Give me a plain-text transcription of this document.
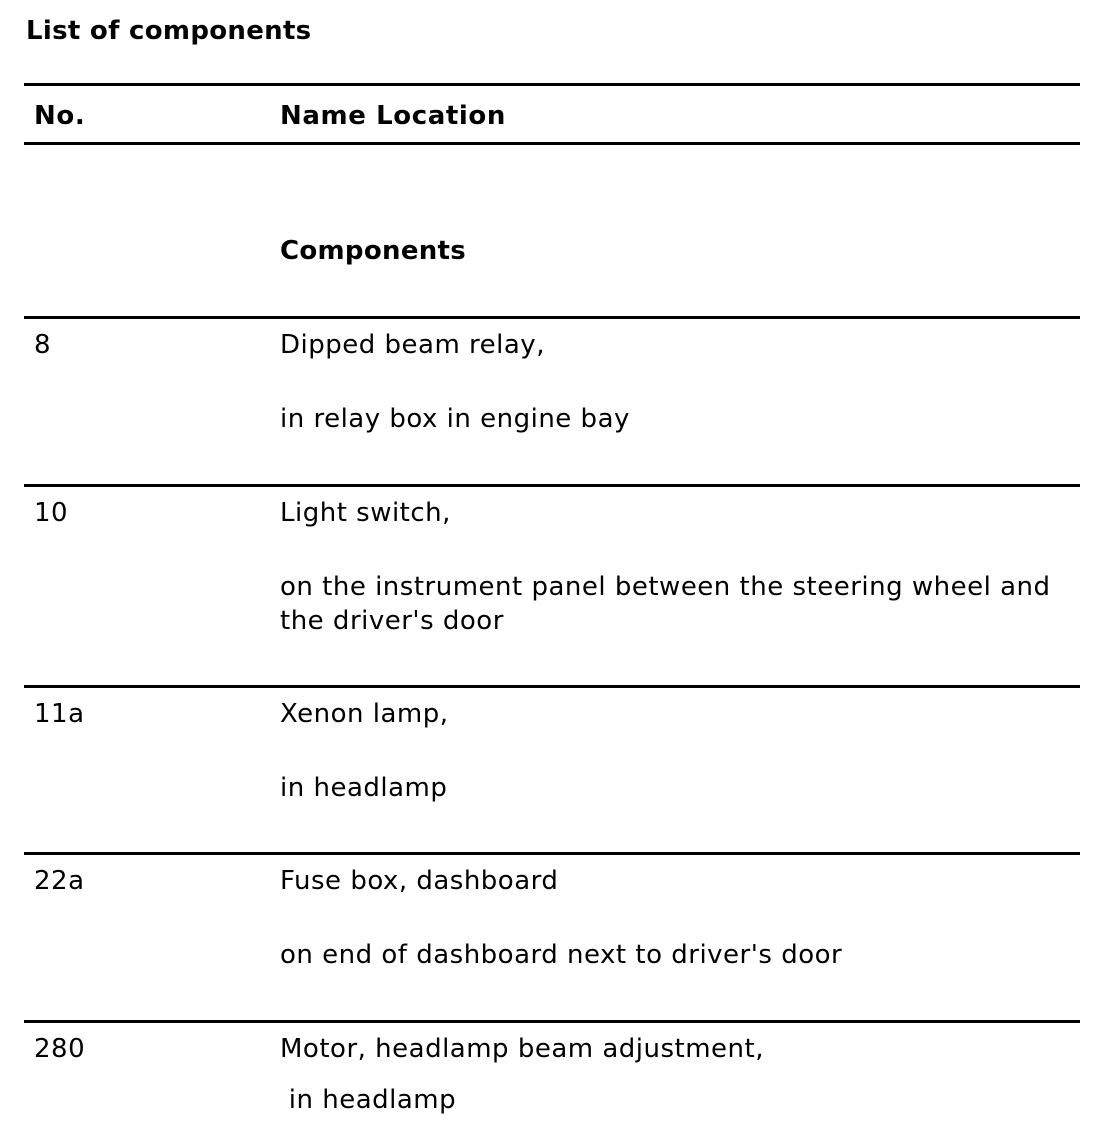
List of components
No.	Name Location
Components
8	Dipped beam relay,
in relay box in engine bay
10	Light switch,
on the instrument panel between the steering wheel and the driver's door
11a	Xenon lamp,
in headlamp
22a	Fuse box, dashboard
on end of dashboard next to driver's door
280	Motor, headlamp beam adjustment,
in headlamp
